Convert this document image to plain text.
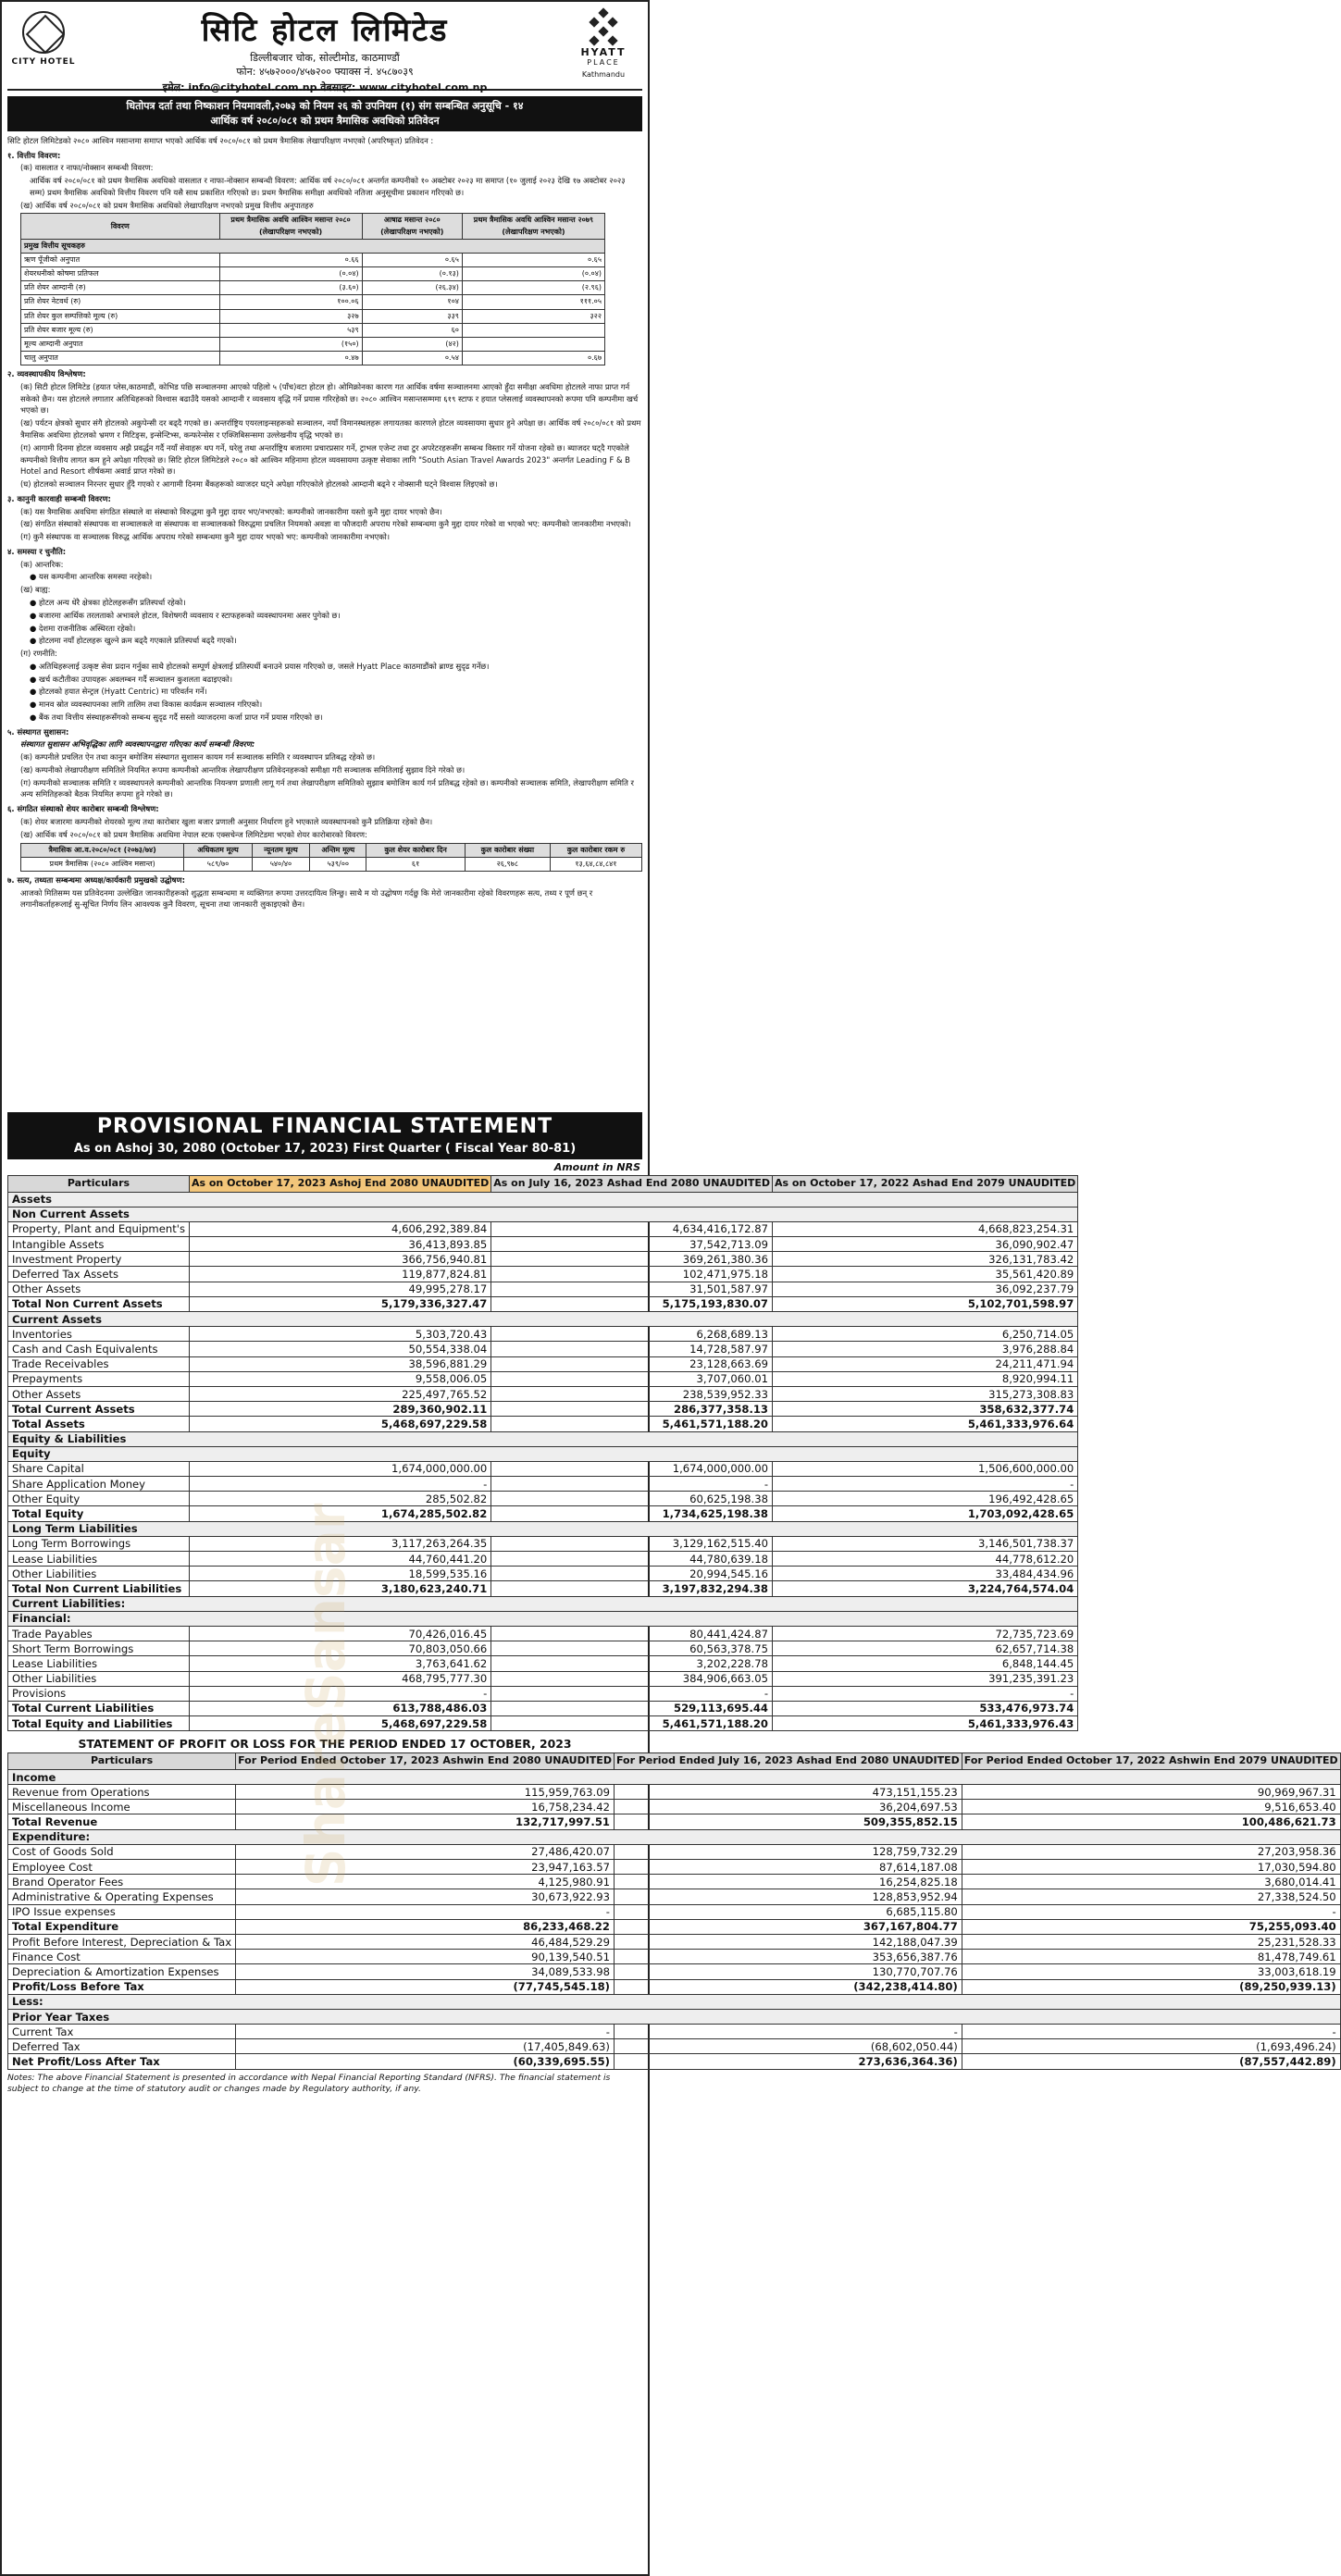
CITY HOTEL
सिटि होटल लिमिटेड
डिल्लीबजार चोक, सोल्टीमोड, काठमाण्डौं
फोन: ४५७२०००/४५७२०० फ्याक्स नं. ४५८७०३९
इमेल: info@cityhotel.com.np वेबसाइट: www.cityhotel.com.np
HYATT
PLACE
Kathmandu
धितोपत्र दर्ता तथा निष्काशन नियमावली,२०७३ को नियम २६ को उपनियम (१) संग सम्बन्धित अनुसूचि - १४
आर्थिक वर्ष २०८०/०८१ को प्रथम त्रैमासिक अवधिको प्रतिवेदन

सिटि होटल लिमिटेडको २०८० आश्विन मसान्तमा समाप्त भएको आर्थिक वर्ष २०८०/०८१ को प्रथम त्रैमासिक लेखापरिक्षण नभएको (अपरिष्कृत) प्रतिवेदन :

१. वित्तीय विवरण:

(क) वासलात र नाफा/नोक्सान सम्बन्धी विवरण:

आर्थिक वर्ष २०८०/०८१ को प्रथम त्रैमासिक अवधिको वासलात र नाफा-नोक्सान सम्बन्धी विवरण: आर्थिक वर्ष २०८०/०८१ अन्तर्गत कम्पनीको १० अक्टोबर २०२३ मा समाप्त (१० जुलाई २०२३ देखि १७ अक्टोबर २०२३ सम्म) प्रथम त्रैमासिक अवधिको वित्तीय विवरण पनि यसै साथ प्रकाशित गरिएको छ। प्रथम त्रैमासिक समीक्षा अवधिको नतिजा अनुसूचीमा प्रकाशन गरिएको छ।

(ख) आर्थिक वर्ष २०८०/०८१ को प्रथम त्रैमासिक अवधिको लेखापरिक्षण नभएको प्रमुख वित्तीय अनुपातहरु

विवरण	प्रथम त्रैमासिक अवधि आश्विन मसान्त २०८० (लेखापरिक्षण नभएको)	आषाढ मसान्त २०८० (लेखापरिक्षण नभएको)	प्रथम त्रैमासिक अवधि आश्विन मसान्त २०७९ (लेखापरिक्षण नभएको)
प्रमुख वित्तीय सूचकहरु			
ऋण पूँजीको अनुपात	०.६६	०.६५	०.६५
शेयरधनीको कोषमा प्रतिफल	(०.०४)	(०.१३)	(०.०४)
प्रति शेयर आम्दानी (रु)	(३.६०)	(२६.३४)	(२.९६)
प्रति शेयर नेटवर्थ (रु)	१००.०६	१०४	१११.०५
प्रति शेयर कुल सम्पत्तिको मूल्य (रु)	३२७	३३९	३२२
प्रति शेयर बजार मूल्य (रु)	५३९	६०	
मूल्य आम्दानी अनुपात	(१५०)	(४२)	
चालु अनुपात	०.४७	०.५४	०.६७

२. व्यवस्थापकीय विश्लेषण:

(क) सिटी होटल लिमिटेड (हयात प्लेस,काठमाडौं, कोभिड पछि सञ्चालनमा आएको पहिलो ५ (पाँच)वटा होटल हो। ओमिक्रोनका कारण गत आर्थिक वर्षमा सञ्चालनमा आएको हुँदा समीक्षा अवधिमा होटलले नाफा प्राप्त गर्न सकेको छैन। यस होटलले लगातार अतिथिहरूको विश्वास बढाउँदै यसको आम्दानी र व्यवसाय वृद्धि गर्ने प्रयास गरिरहेको छ। २०८० आश्विन मसान्तसम्ममा ६१९ स्टाफ र हयात प्लेसलाई व्यवस्थापनको रूपमा पनि कम्पनीमा खर्च भएको छ।

(ख) पर्यटन क्षेत्रको सुधार संगै होटलको अकुपेन्सी दर बढ्दै गएको छ। अन्तर्राष्ट्रिय एयरलाइन्सहरूको सञ्चालन, नयाँ विमानस्थलहरू लगायतका कारणले होटल व्यवसायमा सुधार हुने अपेक्षा छ। आर्थिक वर्ष २०८०/०८१ को प्रथम त्रैमासिक अवधिमा होटलको भ्रमण र मिटिङ्स, इन्सेन्टिभ्स, कन्फरेन्सेस र एक्जिबिसन्समा उल्लेखनीय वृद्धि भएको छ।

(ग) आगामी दिनमा होटल व्यवसाय अझै प्रवर्द्धन गर्दै नयाँ सेवाहरू थप गर्ने, घरेलु तथा अन्तर्राष्ट्रिय बजारमा प्रचारप्रसार गर्ने, ट्राभल एजेन्ट तथा टुर अपरेटरहरूसँग सम्बन्ध विस्तार गर्ने योजना रहेको छ। ब्याजदर घट्दै गएकोले कम्पनीको वित्तीय लागत कम हुने अपेक्षा गरिएको छ। सिटि होटल लिमिटेडले २०८० को आश्विन महिनामा होटल व्यवसायमा उत्कृष्ट सेवाका लागि "South Asian Travel Awards 2023" अन्तर्गत Leading F & B Hotel and Resort शीर्षकमा अवार्ड प्राप्त गरेको छ।

(घ) होटलको सञ्चालन निरन्तर सुधार हुँदै गएको र आगामी दिनमा बैंकहरूको व्याजदर घट्ने अपेक्षा गरिएकोले होटलको आम्दानी बढ्ने र नोक्सानी घट्ने विश्वास लिइएको छ।

३. कानुनी कारवाही सम्बन्धी विवरण:

(क) यस त्रैमासिक अवधिमा संगठित संस्थाले वा संस्थाको विरुद्धमा कुनै मुद्दा दायर भए/नभएको: कम्पनीको जानकारीमा यस्तो कुनै मुद्दा दायर भएको छैन।

(ख) संगठित संस्थाको संस्थापक वा सञ्चालकले वा संस्थापक वा सञ्चालकको विरुद्धमा प्रचलित नियमको अवज्ञा वा फौजदारी अपराध गरेको सम्बन्धमा कुनै मुद्दा दायर गरेको वा भएको भए: कम्पनीको जानकारीमा नभएको।

(ग) कुनै संस्थापक वा सञ्चालक विरुद्ध आर्थिक अपराध गरेको सम्बन्धमा कुनै मुद्दा दायर भएको भए: कम्पनीको जानकारीमा नभएको।

४. समस्या र चुनौति:

(क) आन्तरिक:

● यस कम्पनीमा आन्तरिक समस्या नरहेको।

(ख) बाह्य:

● होटल अन्य धेरै क्षेत्रका होटेलहरूसँग प्रतिस्पर्धा रहेको।

● बजारमा आर्थिक तरलताको अभावले होटल, विशेषगरी व्यवसाय र स्टाफहरूको व्यवस्थापनमा असर पुगेको छ।

● देशमा राजनीतिक अस्थिरता रहेको।

● होटलमा नयाँ होटलहरू खुल्ने क्रम बढ्दै गएकाले प्रतिस्पर्धा बढ्दै गएको।

(ग) रणनीति:

● अतिथिहरूलाई उत्कृष्ट सेवा प्रदान गर्नुका साथै होटलको सम्पूर्ण क्षेत्रलाई प्रतिस्पर्धी बनाउने प्रयास गरिएको छ, जसले Hyatt Place काठमाडौंको ब्राण्ड सुदृढ गर्नेछ।

● खर्च कटौतीका उपायहरू अवलम्बन गर्दै सञ्चालन कुशलता बढाइएको।

● होटलको हयात सेन्ट्रल (Hyatt Centric) मा परिवर्तन गर्ने।

● मानव स्रोत व्यवस्थापनका लागि तालिम तथा विकास कार्यक्रम सञ्चालन गरिएको।

● बैंक तथा वित्तीय संस्थाहरूसँगको सम्बन्ध सुदृढ गर्दै सस्तो व्याजदरमा कर्जा प्राप्त गर्ने प्रयास गरिएको छ।

५. संस्थागत सुशासन:

संस्थागत सुशासन अभिवृद्धिका लागि व्यवस्थापनद्वारा गरिएका कार्य सम्बन्धी विवरण:

(क) कम्पनीले प्रचलित ऐन तथा कानुन बमोजिम संस्थागत सुशासन कायम गर्न सञ्चालक समिति र व्यवस्थापन प्रतिबद्ध रहेको छ।

(ख) कम्पनीको लेखापरीक्षण समितिले नियमित रूपमा कम्पनीको आन्तरिक लेखापरीक्षण प्रतिवेदनहरूको समीक्षा गरी सञ्चालक समितिलाई सुझाव दिने गरेको छ।

(ग) कम्पनीको सञ्चालक समिति र व्यवस्थापनले कम्पनीको आन्तरिक नियन्त्रण प्रणाली लागू गर्न तथा लेखापरीक्षण समितिको सुझाव बमोजिम कार्य गर्न प्रतिबद्ध रहेको छ। कम्पनीको सञ्चालक समिति, लेखापरीक्षण समिति र अन्य समितिहरूको बैठक नियमित रूपमा हुने गरेको छ।

६. संगठित संस्थाको शेयर कारोबार सम्बन्धी विश्लेषण:

(क) शेयर बजारमा कम्पनीको शेयरको मूल्य तथा कारोबार खुला बजार प्रणाली अनुसार निर्धारण हुने भएकाले व्यवस्थापनको कुनै प्रतिक्रिया रहेको छैन।

(ख) आर्थिक वर्ष २०८०/०८१ को प्रथम त्रैमासिक अवधिमा नेपाल स्टक एक्सचेन्ज लिमिटेडमा भएको शेयर कारोबारको विवरण:

त्रैमासिक आ.व.२०८०/०८१ (२०७३/७४)	अधिकतम मूल्य	न्यूनतम मूल्य	अन्तिम मूल्य	कुल शेयर कारोबार दिन	कुल कारोबार संख्या	कुल कारोबार रकम रु
प्रथम त्रैमासिक (२०८० आश्विन मसान्त)	५८९/७०	५४०/४०	५३९/००	६१	२६,९७८	१३,६४,८४,८४१

७. सत्य, तथ्यता सम्बन्धमा अध्यक्ष/कार्यकारी प्रमुखको उद्घोषण:

आजको मितिसम्म यस प्रतिवेदनमा उल्लेखित जानकारीहरूको शुद्धता सम्बन्धमा म व्यक्तिगत रूपमा उत्तरदायित्व लिन्छु। साथै म यो उद्घोषण गर्दछु कि मेरो जानकारीमा रहेको विवरणहरू सत्य, तथ्य र पूर्ण छन् र लगानीकर्ताहरूलाई सु-सूचित निर्णय लिन आवश्यक कुनै विवरण, सूचना तथा जानकारी लुकाइएको छैन।

PROVISIONAL FINANCIAL STATEMENT
As on Ashoj 30, 2080 (October 17, 2023) First Quarter ( Fiscal Year 80-81)
Amount in NRS
Particulars	As on October 17, 2023 Ashoj End 2080 UNAUDITED	As on July 16, 2023 Ashad End 2080 UNAUDITED	As on October 17, 2022 Ashad End 2079 UNAUDITED
Assets			
Non Current Assets			
Property, Plant and Equipment's	4,606,292,389.84	4,634,416,172.87	4,668,823,254.31
Intangible Assets	36,413,893.85	37,542,713.09	36,090,902.47
Investment Property	366,756,940.81	369,261,380.36	326,131,783.42
Deferred Tax Assets	119,877,824.81	102,471,975.18	35,561,420.89
Other Assets	49,995,278.17	31,501,587.97	36,092,237.79
Total Non Current Assets	5,179,336,327.47	5,175,193,830.07	5,102,701,598.97
Current Assets			
Inventories	5,303,720.43	6,268,689.13	6,250,714.05
Cash and Cash Equivalents	50,554,338.04	14,728,587.97	3,976,288.84
Trade Receivables	38,596,881.29	23,128,663.69	24,211,471.94
Prepayments	9,558,006.05	3,707,060.01	8,920,994.11
Other Assets	225,497,765.52	238,539,952.33	315,273,308.83
Total Current Assets	289,360,902.11	286,377,358.13	358,632,377.74
Total Assets	5,468,697,229.58	5,461,571,188.20	5,461,333,976.64
Equity & Liabilities			
Equity			
Share Capital	1,674,000,000.00	1,674,000,000.00	1,506,600,000.00
Share Application Money	-	-	-
Other Equity	285,502.82	60,625,198.38	196,492,428.65
Total Equity	1,674,285,502.82	1,734,625,198.38	1,703,092,428.65
Long Term Liabilities			
Long Term Borrowings	3,117,263,264.35	3,129,162,515.40	3,146,501,738.37
Lease Liabilities	44,760,441.20	44,780,639.18	44,778,612.20
Other Liabilities	18,599,535.16	20,994,545.16	33,484,434.96
Total Non Current Liabilities	3,180,623,240.71	3,197,832,294.38	3,224,764,574.04
Current Liabilities:			
Financial:			
Trade Payables	70,426,016.45	80,441,424.87	72,735,723.69
Short Term Borrowings	70,803,050.66	60,563,378.75	62,657,714.38
Lease Liabilities	3,763,641.62	3,202,228.78	6,848,144.45
Other Liabilities	468,795,777.30	384,906,663.05	391,235,391.23
Provisions	-	-	-
Total Current Liabilities	613,788,486.03	529,113,695.44	533,476,973.74
Total Equity and Liabilities	5,468,697,229.58	5,461,571,188.20	5,461,333,976.43
STATEMENT OF PROFIT OR LOSS FOR THE PERIOD ENDED 17 OCTOBER, 2023
Particulars	For Period Ended October 17, 2023 Ashwin End 2080 UNAUDITED	For Period Ended July 16, 2023 Ashad End 2080 UNAUDITED	For Period Ended October 17, 2022 Ashwin End 2079 UNAUDITED
Income			
Revenue from Operations	115,959,763.09	473,151,155.23	90,969,967.31
Miscellaneous Income	16,758,234.42	36,204,697.53	9,516,653.40
Total Revenue	132,717,997.51	509,355,852.15	100,486,621.73
Expenditure:			
Cost of Goods Sold	27,486,420.07	128,759,732.29	27,203,958.36
Employee Cost	23,947,163.57	87,614,187.08	17,030,594.80
Brand Operator Fees	4,125,980.91	16,254,825.18	3,680,014.41
Administrative & Operating Expenses	30,673,922.93	128,853,952.94	27,338,524.50
IPO Issue expenses	-	6,685,115.80	-
Total Expenditure	86,233,468.22	367,167,804.77	75,255,093.40
Profit Before Interest, Depreciation & Tax	46,484,529.29	142,188,047.39	25,231,528.33
Finance Cost	90,139,540.51	353,656,387.76	81,478,749.61
Depreciation & Amortization Expenses	34,089,533.98	130,770,707.76	33,003,618.19
Profit/Loss Before Tax	(77,745,545.18)	(342,238,414.80)	(89,250,939.13)
Less:			
Prior Year Taxes			
Current Tax	-	-	-
Deferred Tax	(17,405,849.63)	(68,602,050.44)	(1,693,496.24)
Net Profit/Loss After Tax	(60,339,695.55)	273,636,364.36)	(87,557,442.89)
Notes: The above Financial Statement is presented in accordance with Nepal Financial Reporting Standard (NFRS). The financial statement is subject to change at the time of statutory audit or changes made by Regulatory authority, if any.
ShareSansar
